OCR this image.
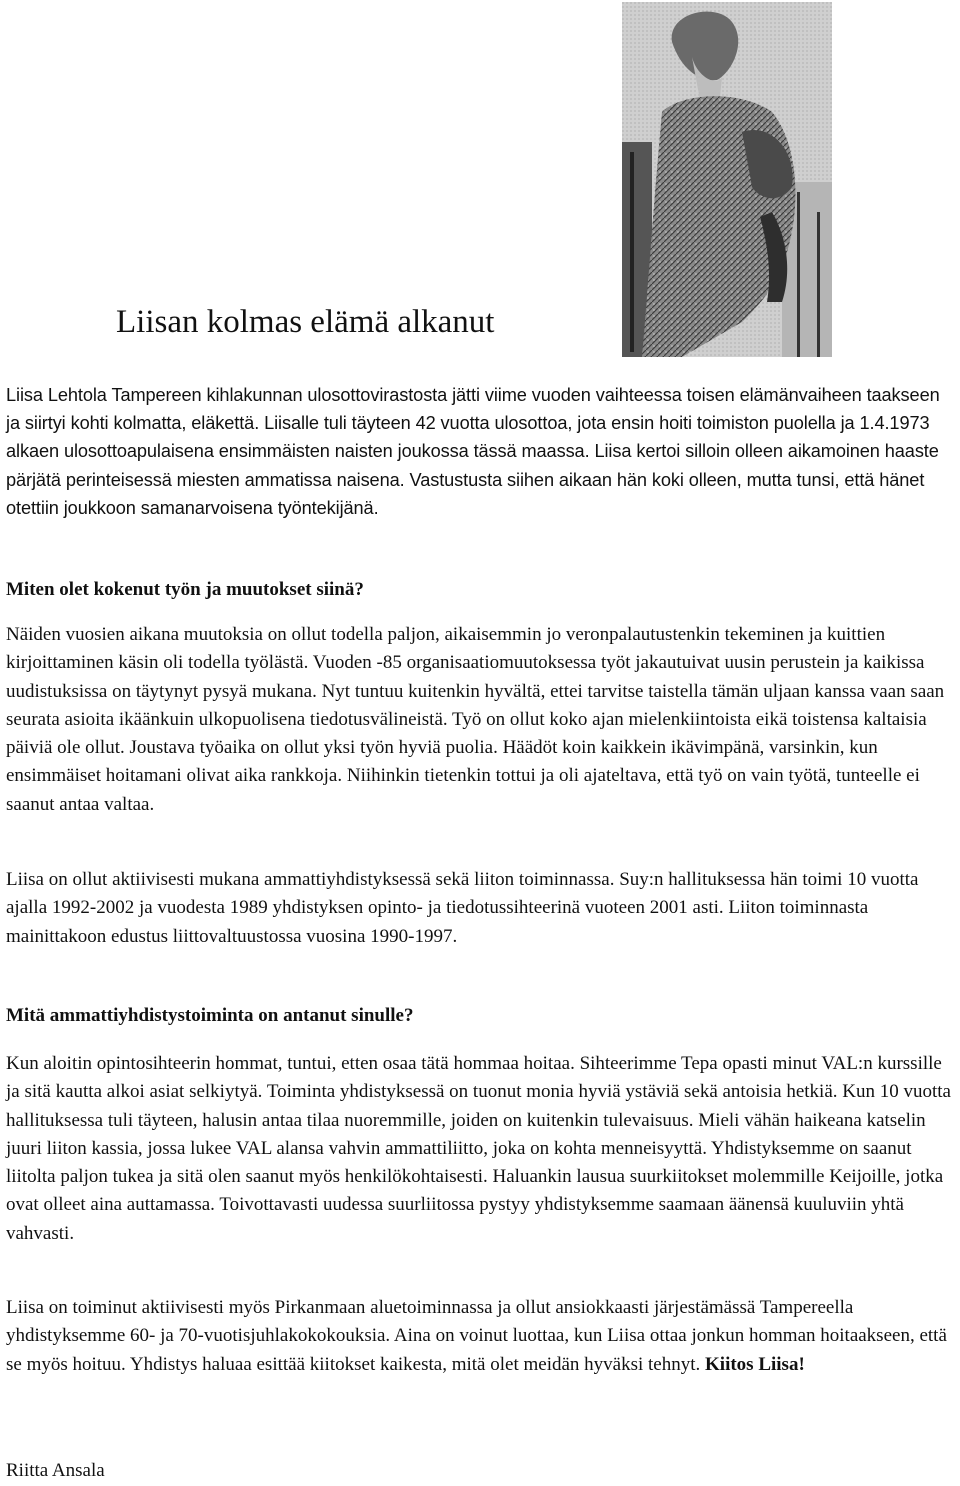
Liisan kolmas elämä alkanut

Liisa Lehtola Tampereen kihlakunnan ulosottovirastosta jätti viime vuoden vaihteessa toisen elämänvaiheen taakseen ja siirtyi kohti kolmatta, eläkettä. Liisalle tuli täyteen 42 vuotta ulosottoa, jota ensin hoiti toimiston puolella ja 1.4.1973 alkaen ulosottoapulaisena ensimmäisten naisten joukossa tässä maassa. Liisa kertoi silloin olleen aikamoinen haaste pärjätä perinteisessä miesten ammatissa naisena. Vastustusta siihen aikaan hän koki olleen, mutta tunsi, että hänet otettiin joukkoon samanarvoisena työntekijänä.

Miten olet kokenut työn ja muutokset siinä?

Näiden vuosien aikana muutoksia on ollut todella paljon, aikaisemmin jo veronpalautustenkin tekeminen ja kuittien kirjoittaminen käsin oli todella työlästä. Vuoden -85 organisaatiomuutoksessa työt jakautuivat uusin perustein ja kaikissa uudistuksissa on täytynyt pysyä mukana. Nyt tuntuu kuitenkin hyvältä, ettei tarvitse taistella tämän uljaan kanssa vaan saan seurata asioita ikäänkuin ulkopuolisena tiedotusvälineistä. Työ on ollut koko ajan mielenkiintoista eikä toistensa kaltaisia päiviä ole ollut. Joustava työaika on ollut yksi työn hyviä puolia. Häädöt koin kaikkein ikävimpänä, varsinkin, kun ensimmäiset hoitamani olivat aika rankkoja. Niihinkin tietenkin tottui ja oli ajateltava, että työ on vain työtä, tunteelle ei saanut antaa valtaa.

Liisa on ollut aktiivisesti mukana ammattiyhdistyksessä sekä liiton toiminnassa. Suy:n hallituksessa hän toimi 10 vuotta ajalla 1992-2002 ja vuodesta 1989 yhdistyksen opinto- ja tiedotussihteerinä vuoteen 2001 asti. Liiton toiminnasta mainittakoon edustus liittovaltuustossa vuosina 1990-1997.

Mitä ammattiyhdistystoiminta on antanut sinulle?

Kun aloitin opintosihteerin hommat, tuntui, etten osaa tätä hommaa hoitaa. Sihteerimme Tepa opasti minut VAL:n kurssille ja sitä kautta alkoi asiat selkiytyä. Toiminta yhdistyksessä on tuonut monia hyviä ystäviä sekä antoisia hetkiä. Kun 10 vuotta hallituksessa tuli täyteen, halusin antaa tilaa nuoremmille, joiden on kuitenkin tulevaisuus. Mieli vähän haikeana katselin juuri liiton kassia, jossa lukee VAL alansa vahvin ammattiliitto, joka on kohta menneisyyttä. Yhdistyksemme on saanut liitolta paljon tukea ja sitä olen saanut myös henkilökohtaisesti. Haluankin lausua suurkiitokset molemmille Keijoille, jotka ovat olleet aina auttamassa. Toivottavasti uudessa suurliitossa pystyy yhdistyksemme saamaan äänensä kuuluviin yhtä vahvasti.

Liisa on toiminut aktiivisesti myös Pirkanmaan aluetoiminnassa ja ollut ansiokkaasti järjestämässä Tampereella yhdistyksemme 60- ja 70-vuotisjuhlakokokouksia. Aina on voinut luottaa, kun Liisa ottaa jonkun homman hoitaakseen, että se myös hoituu. Yhdistys haluaa esittää kiitokset kaikesta, mitä olet meidän hyväksi tehnyt. Kiitos Liisa!

Riitta Ansala
